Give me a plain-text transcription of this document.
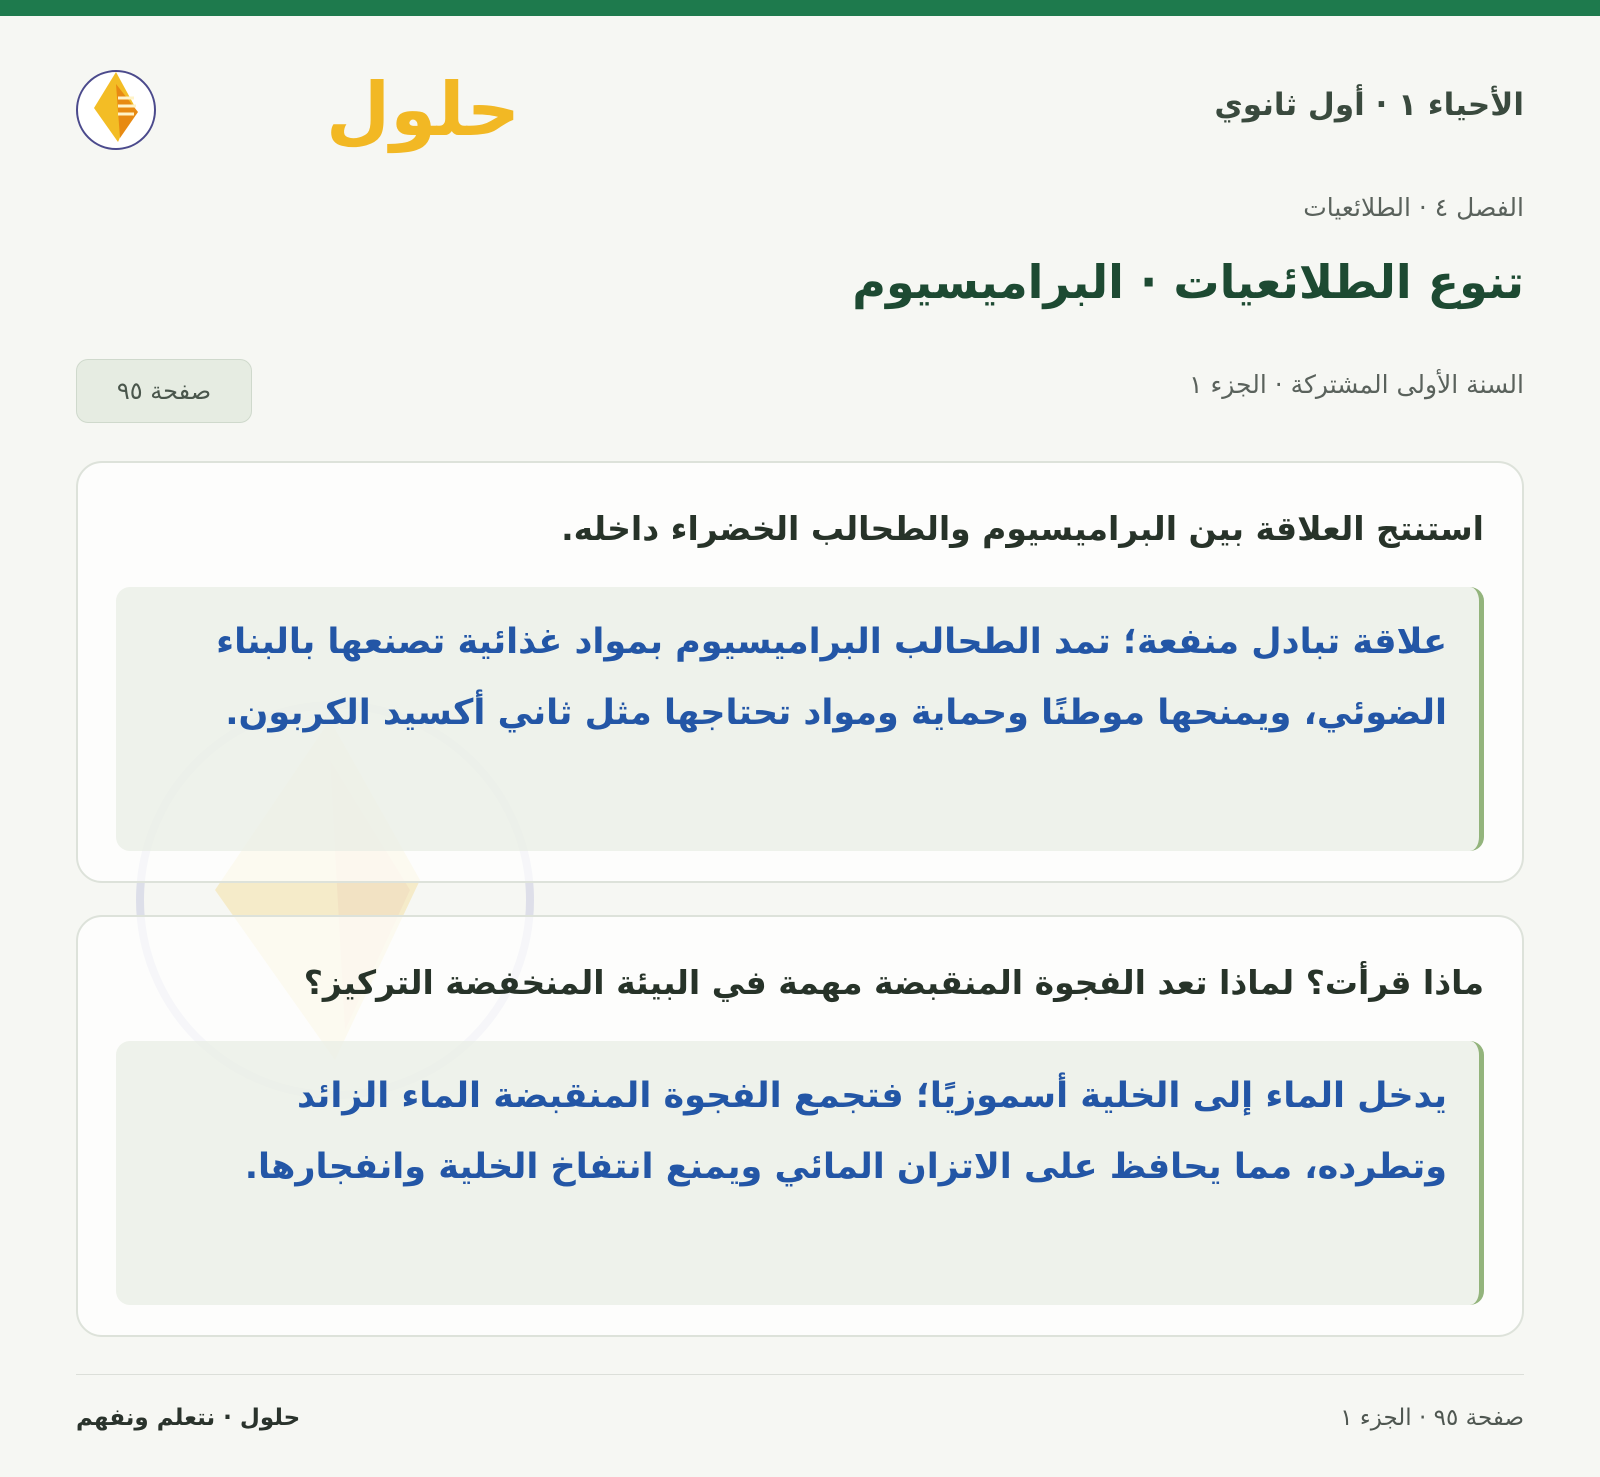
الأحياء ١ · أول ثانوي
حلول
الفصل ٤ · الطلائعيات
تنوع الطلائعيات · البراميسيوم
السنة الأولى المشتركة · الجزء ١
صفحة ٩٥
استنتج العلاقة بين البراميسيوم والطحالب الخضراء داخله.
علاقة تبادل منفعة؛ تمد الطحالب البراميسيوم بمواد غذائية تصنعها بالبناء الضوئي، ويمنحها موطنًا وحماية ومواد تحتاجها مثل ثاني أكسيد الكربون.
ماذا قرأت؟ لماذا تعد الفجوة المنقبضة مهمة في البيئة المنخفضة التركيز؟
يدخل الماء إلى الخلية أسموزيًا؛ فتجمع الفجوة المنقبضة الماء الزائد وتطرده، مما يحافظ على الاتزان المائي ويمنع انتفاخ الخلية وانفجارها.
صفحة ٩٥ · الجزء ١
حلول · نتعلم ونفهم
